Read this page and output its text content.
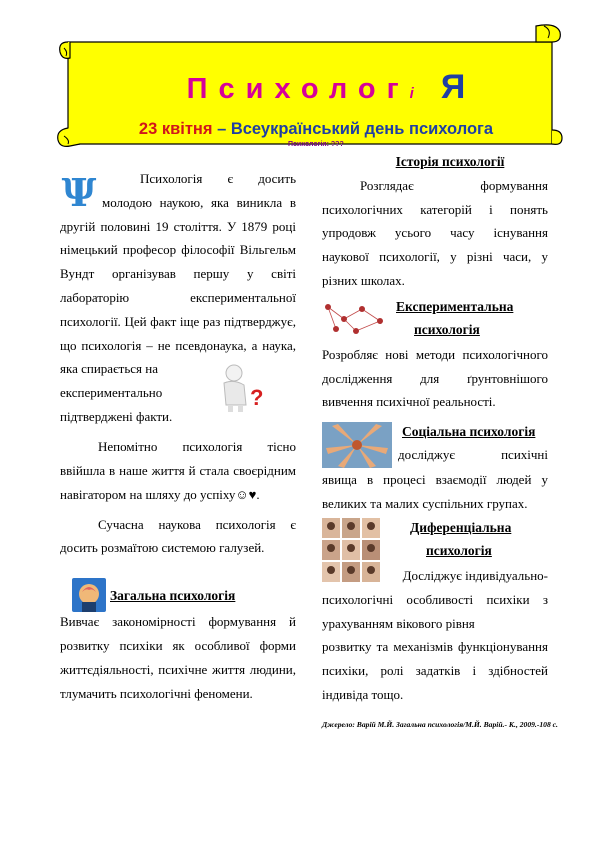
Психологі Я
23 квітня – Всеукраїнський день психолога
Психологія: ???
Ψ	Психологія є досить молодою наукою, яка виникла в другій половині 19 століття. У 1879 році німецький професор філософії Вільгельм Вундт організував першу у світі лабораторію експериментальної психології. Цей факт іще раз підтверджує, що психологія – не псевдонаука, а наука, яка спирається на

експериментально
підтверджені факти.
?

Непомітно психологія тісно ввійшла в наше життя й стала своєрідним навігатором на шляху до успіху☺♥.

Сучасна наукова психологія є досить розмаїтою системою галузей.

Загальна психологія

Вивчає закономірності формування й розвитку психіки як особливої форми життєдіяльності, психічне життя людини, тлумачить психологічні феномени.

Історія психології

Розглядає формування психологічних категорій і понять упродовж усього часу існування наукової психології, у різні часи, у різних школах.

Експериментальна
психологія

Розробляє нові методи психологічного дослідження для ґрунтовнішого вивчення психічної реальності.

Соціальна психологія
досліджує психічні

явища в процесі взаємодії людей у великих та малих суспільних групах.

Диференціальна
психологія
Досліджує індивідуально-

психологічні особливості психіки з

урахуванням вікового рівня

розвитку та механізмів функціонування психіки, ролі задатків і здібностей індивіда тощо.

Джерело: Варій М.Й. Загальна психологія/М.Й. Варій.- К., 2009.-108 с.
